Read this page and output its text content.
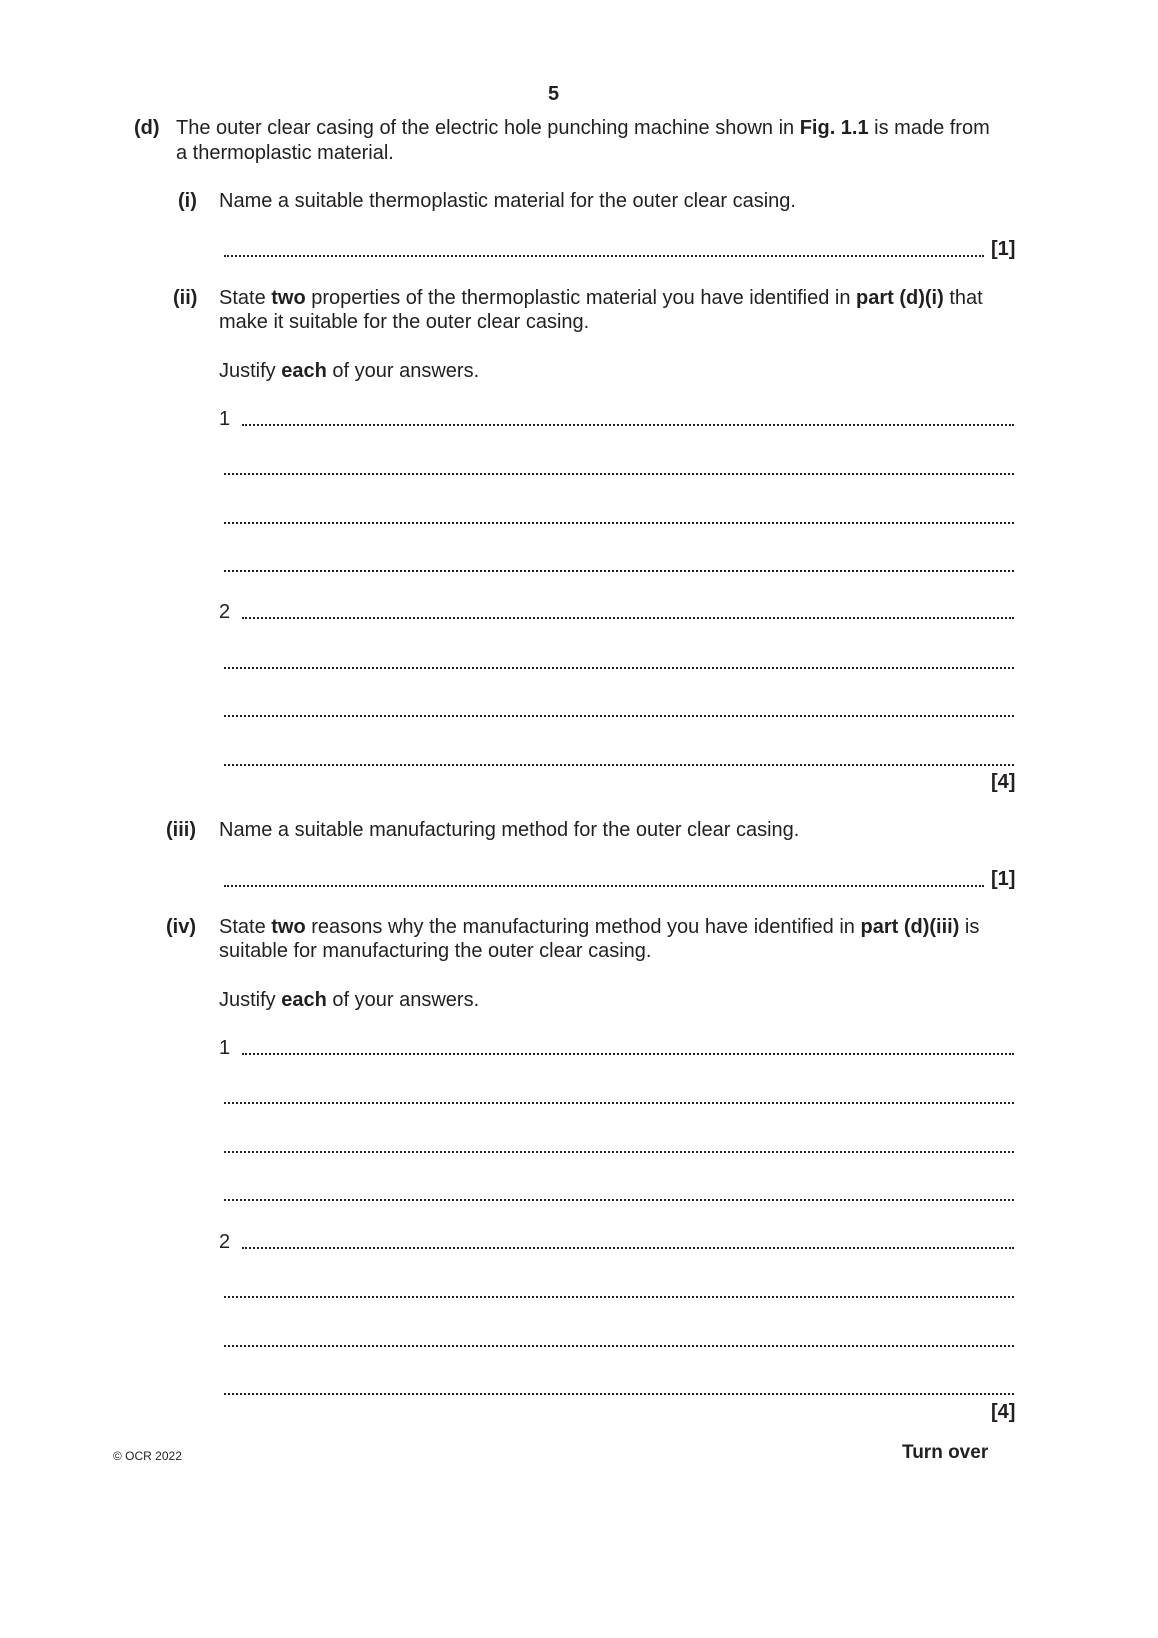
5
(d) The outer clear casing of the electric hole punching machine shown in Fig. 1.1 is made from
a thermoplastic material.
(i) Name a suitable thermoplastic material for the outer clear casing.
[1]
(ii) State two properties of the thermoplastic material you have identified in part (d)(i) that
make it suitable for the outer clear casing.
Justify each of your answers.
1
2
[4]
(iii) Name a suitable manufacturing method for the outer clear casing.
[1]
(iv) State two reasons why the manufacturing method you have identified in part (d)(iii) is
suitable for manufacturing the outer clear casing.
Justify each of your answers.
1
2
[4]
© OCR 2022	Turn over
